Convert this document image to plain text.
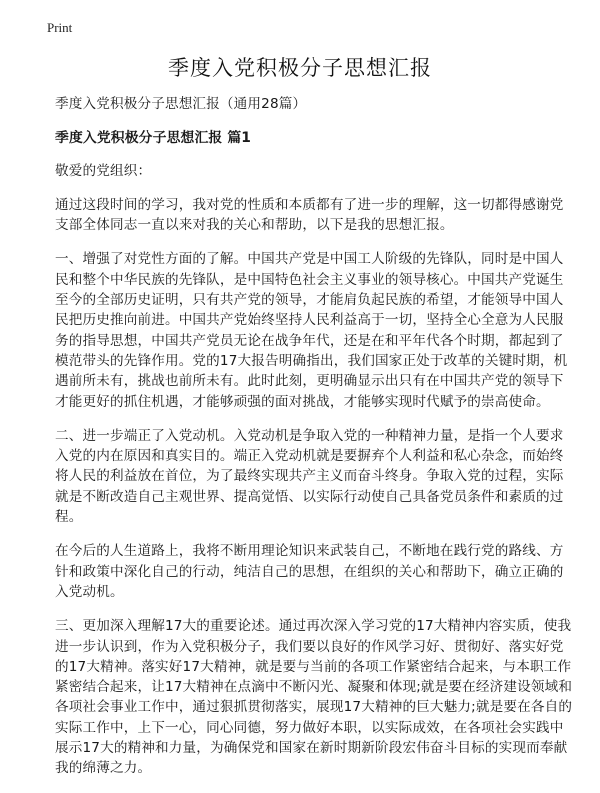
Print
季度入党积极分子思想汇报

季度入党积极分子思想汇报（通用28篇）

季度入党积极分子思想汇报 篇1

敬爱的党组织：

通过这段时间的学习，我对党的性质和本质都有了进一步的理解，这一切都得感谢党支部全体同志一直以来对我的关心和帮助，以下是我的思想汇报。

一、增强了对党性方面的了解。中国共产党是中国工人阶级的先锋队，同时是中国人民和整个中华民族的先锋队，是中国特色社会主义事业的领导核心。中国共产党诞生至今的全部历史证明，只有共产党的领导，才能肩负起民族的希望，才能领导中国人民把历史推向前进。中国共产党始终坚持人民利益高于一切，坚持全心全意为人民服务的指导思想，中国共产党员无论在战争年代，还是在和平年代各个时期，都起到了模范带头的先锋作用。党的17大报告明确指出，我们国家正处于改革的关键时期，机遇前所未有，挑战也前所未有。此时此刻，更明确显示出只有在中国共产党的领导下才能更好的抓住机遇，才能够顽强的面对挑战，才能够实现时代赋予的崇高使命。

二、进一步端正了入党动机。入党动机是争取入党的一种精神力量，是指一个人要求入党的内在原因和真实目的。端正入党动机就是要摒弃个人利益和私心杂念，而始终将人民的利益放在首位，为了最终实现共产主义而奋斗终身。争取入党的过程，实际就是不断改造自己主观世界、提高觉悟、以实际行动使自己具备党员条件和素质的过程。

在今后的人生道路上，我将不断用理论知识来武装自己，不断地在践行党的路线、方针和政策中深化自己的行动，纯洁自己的思想，在组织的关心和帮助下，确立正确的入党动机。

三、更加深入理解17大的重要论述。通过再次深入学习党的17大精神内容实质，使我进一步认识到，作为入党积极分子，我们要以良好的作风学习好、贯彻好、落实好党的17大精神。落实好17大精神，就是要与当前的各项工作紧密结合起来，与本职工作紧密结合起来，让17大精神在点滴中不断闪光、凝聚和体现;就是要在经济建设领域和各项社会事业工作中，通过狠抓贯彻落实，展现17大精神的巨大魅力;就是要在各自的实际工作中，上下一心，同心同德，努力做好本职，以实际成效，在各项社会实践中展示17大的精神和力量，为确保党和国家在新时期新阶段宏伟奋斗目标的实现而奉献我的绵薄之力。
